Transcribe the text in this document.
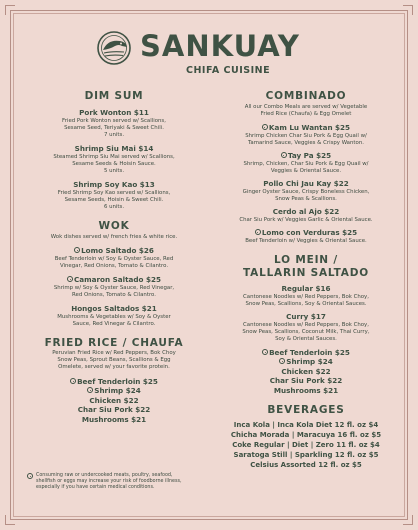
SANKUAY
CHIFA CUISINE

DIM SUM

Pork Wonton $11

Fried Pork Wonton served w/ Scallions,

Sesame Seed, Teriyaki & Sweet Chili.

7 units.

Shrimp Siu Mai $14

Steamed Shrimp Siu Mai served w/ Scallions,

Sesame Seeds & Hoisin Sauce.

5 units.

Shrimp Soy Kao $13

Fried Shrimp Soy Kao served w/ Scallions,

Sesame Seeds, Hoisin & Sweet Chili.

6 units.

WOK

Wok dishes served w/ french fries & white rice.

Lomo Saltado $26

Beef Tenderloin w/ Soy & Oyster Sauce, Red

Vinegar, Red Onions, Tomato & Cilantro.

Camaron Saltado $25

Shrimp w/ Soy & Oyster Sauce, Red Vinegar,

Red Onions, Tomato & Cilantro.

Hongos Saltados $21

Mushrooms & Vegetables w/ Soy & Oyster

Sauce, Red Vinegar & Cilantro.

FRIED RICE / CHAUFA

Peruvian Fried Rice w/ Red Peppers, Bok Choy

Snow Peas, Sprout Beans, Scallions & Egg

Omelete, served w/ your favorite protein.

Beef Tenderloin $25

Shrimp $24

Chicken $22

Char Siu Pork $22

Mushrooms $21

Consuming raw or undercooked meats, poultry, seafood,
shellfish or eggs may increase your risk of foodborne illness,
especially if you have certain medical conditions.

COMBINADO

All our Combo Meals are served w/ Vegetable

Fried Rice (Chaufa) & Egg Omelet

Kam Lu Wantan $25

Shrimp Chicken Char Siu Pork & Egg Quail w/

Tamarind Sauce, Veggies & Crispy Wanton.

Tay Pa $25

Shrimp, Chicken, Char Siu Pork & Egg Quail w/

Veggies & Oriental Sauce.

Pollo Chi Jau Kay $22

Ginger Oyster Sauce, Crispy Boneless Chicken,

Snow Peas & Scallions.

Cerdo al Ajo $22

Char Siu Pork w/ Veggies Garlic & Oriental Sauce.

Lomo con Verduras $25

Beef Tenderloin w/ Veggies & Oriental Sauce.

LO MEIN /

TALLARIN SALTADO

Regular $16

Cantonese Noodles w/ Red Peppers, Bok Choy,

Snow Peas, Scallions, Soy & Oriental Sauces.

Curry $17

Cantonese Noodles w/ Red Peppers, Bok Choy,

Snow Peas, Scallions, Coconut Milk, Thai Curry,

Soy & Oriental Sauces.

Beef Tenderloin $25

Shrimp $24

Chicken $22

Char Siu Pork $22

Mushrooms $21

BEVERAGES

Inca Kola | Inca Kola Diet 12 fl. oz $4

Chicha Morada | Maracuya 16 fl. oz $5

Coke Regular | Diet | Zero 11 fl. oz $4

Saratoga Still | Sparkling 12 fl. oz $5

Celsius Assorted 12 fl. oz $5
